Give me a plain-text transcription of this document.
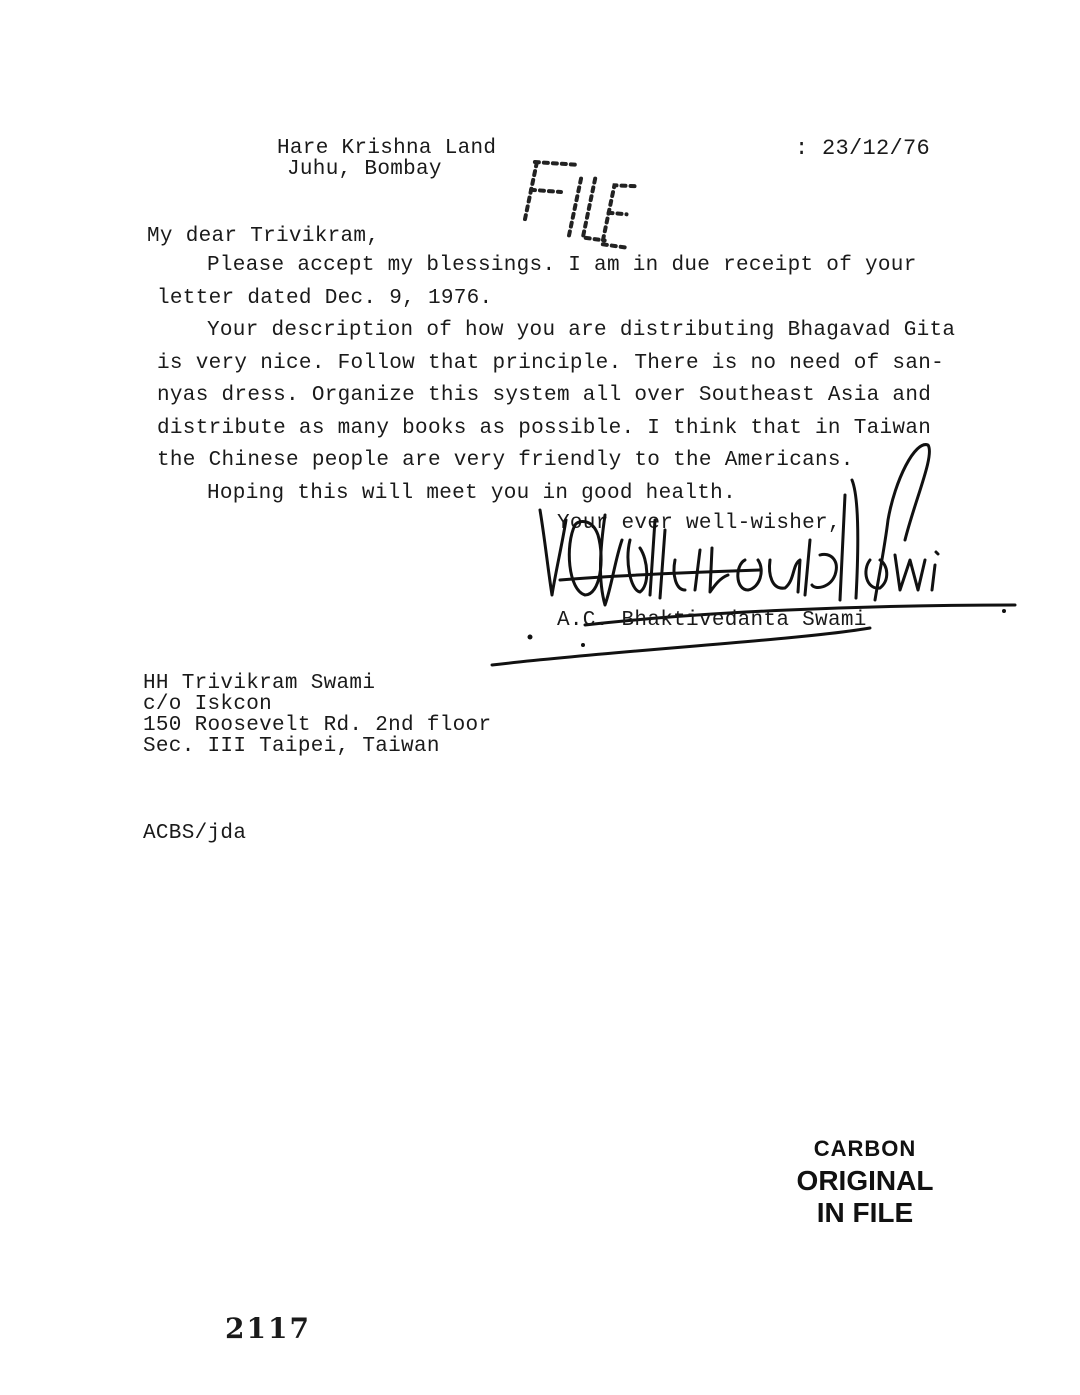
Hare Krishna Land
Juhu, Bombay
: 23/12/76
My dear Trivikram,
Please accept my blessings. I am in due receipt of your
letter dated Dec. 9, 1976.
Your description of how you are distributing Bhagavad Gita
is very nice. Follow that principle. There is no need of san-
nyas dress. Organize this system all over Southeast Asia and
distribute as many books as possible. I think that in Taiwan
the Chinese people are very friendly to the Americans.
Hoping this will meet you in good health.
Your ever well-wisher,
A.C. Bhaktivedanta Swami
HH Trivikram Swami
c/o Iskcon
150 Roosevelt Rd. 2nd floor
Sec. III Taipei, Taiwan
ACBS/jda
CARBON
ORIGINAL
IN FILE
2117
